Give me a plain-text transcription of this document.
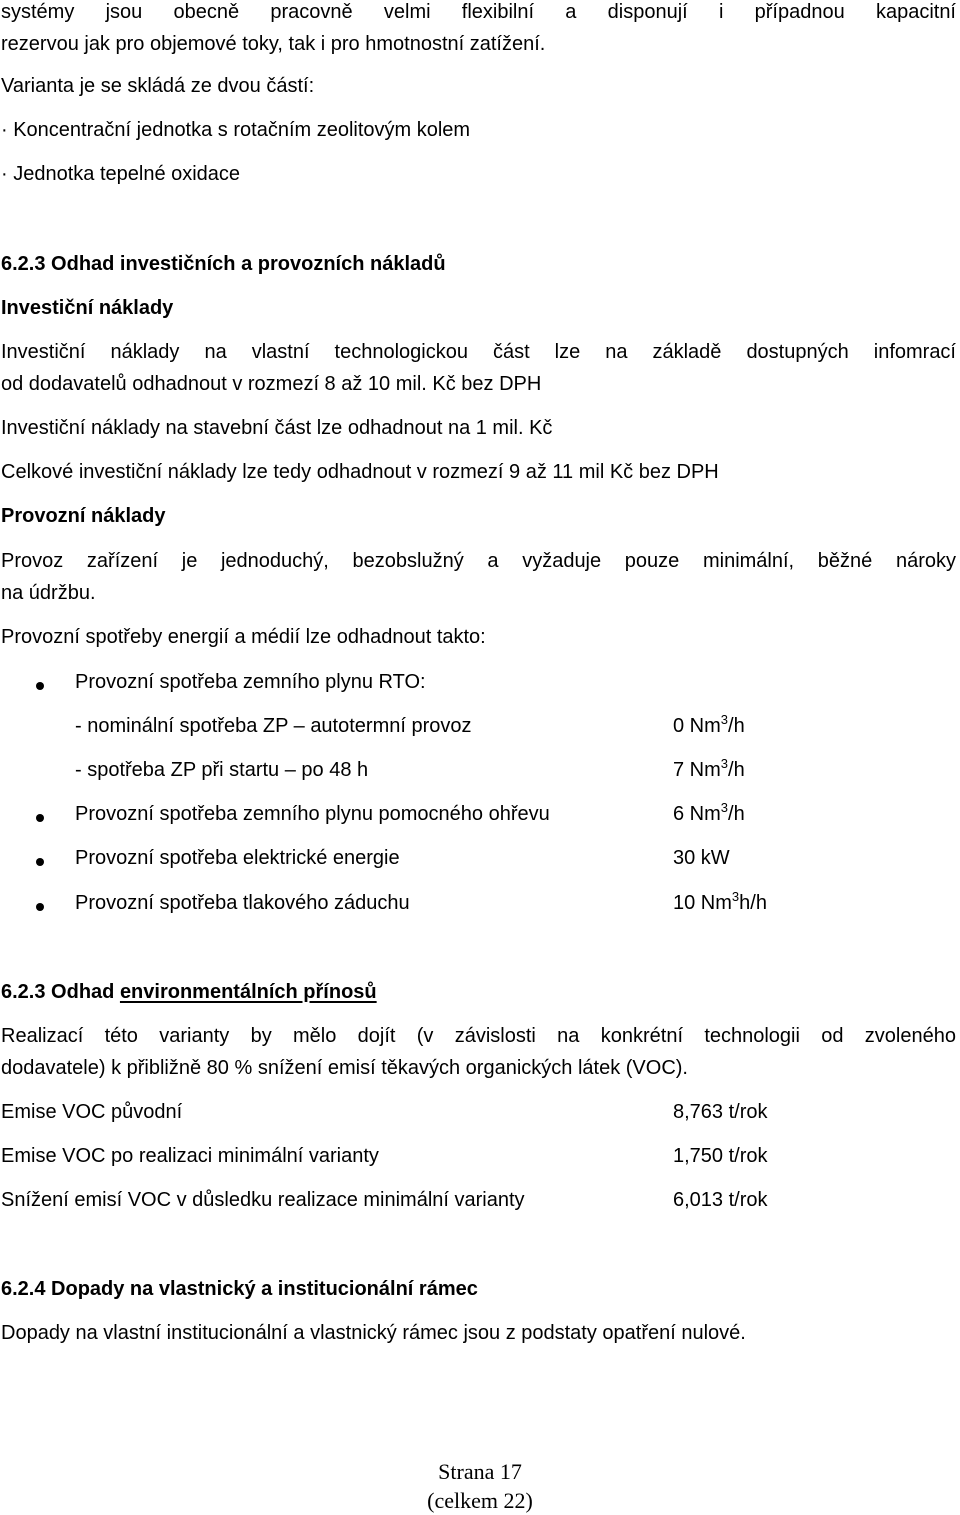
systémy jsou obecně pracovně velmi flexibilní a disponují i případnou kapacitní
rezervou jak pro objemové toky, tak i pro hmotnostní zatížení.
Varianta je se skládá ze dvou částí:
· Koncentrační jednotka s rotačním zeolitovým kolem
· Jednotka tepelné oxidace
6.2.3 Odhad investičních a provozních nákladů
Investiční náklady
Investiční náklady na vlastní technologickou část lze na základě dostupných infomrací
od dodavatelů odhadnout v rozmezí 8 až 10 mil. Kč bez DPH
Investiční náklady na stavební část lze odhadnout na 1 mil. Kč
Celkové investiční náklady lze tedy odhadnout v rozmezí 9 až 11 mil Kč bez DPH
Provozní náklady
Provoz zařízení je jednoduchý, bezobslužný a vyžaduje pouze minimální, běžné nároky
na údržbu.
Provozní spotřeby energií a médií lze odhadnout takto:
Provozní spotřeba zemního plynu RTO:
- nominální spotřeba ZP – autotermní provoz	0 Nm$^3$/h
- spotřeba ZP při startu – po 48 h	7 Nm$^3$/h
Provozní spotřeba zemního plynu pomocného ohřevu	6 Nm$^3$/h
Provozní spotřeba elektrické energie	30 kW
Provozní spotřeba tlakového záduchu	10 Nm$^3$h/h
6.2.3 Odhad environmentálních přínosů
Realizací této varianty by mělo dojít (v závislosti na konkrétní technologii od zvoleného
dodavatele) k přibližně 80 % snížení emisí těkavých organických látek (VOC).
Emise VOC původní	8,763 t/rok
Emise VOC po realizaci minimální varianty	1,750 t/rok
Snížení emisí VOC v důsledku realizace minimální varianty	6,013 t/rok
6.2.4 Dopady na vlastnický a institucionální rámec
Dopady na vlastní institucionální a vlastnický rámec jsou z podstaty opatření nulové.
Strana 17
(celkem 22)
